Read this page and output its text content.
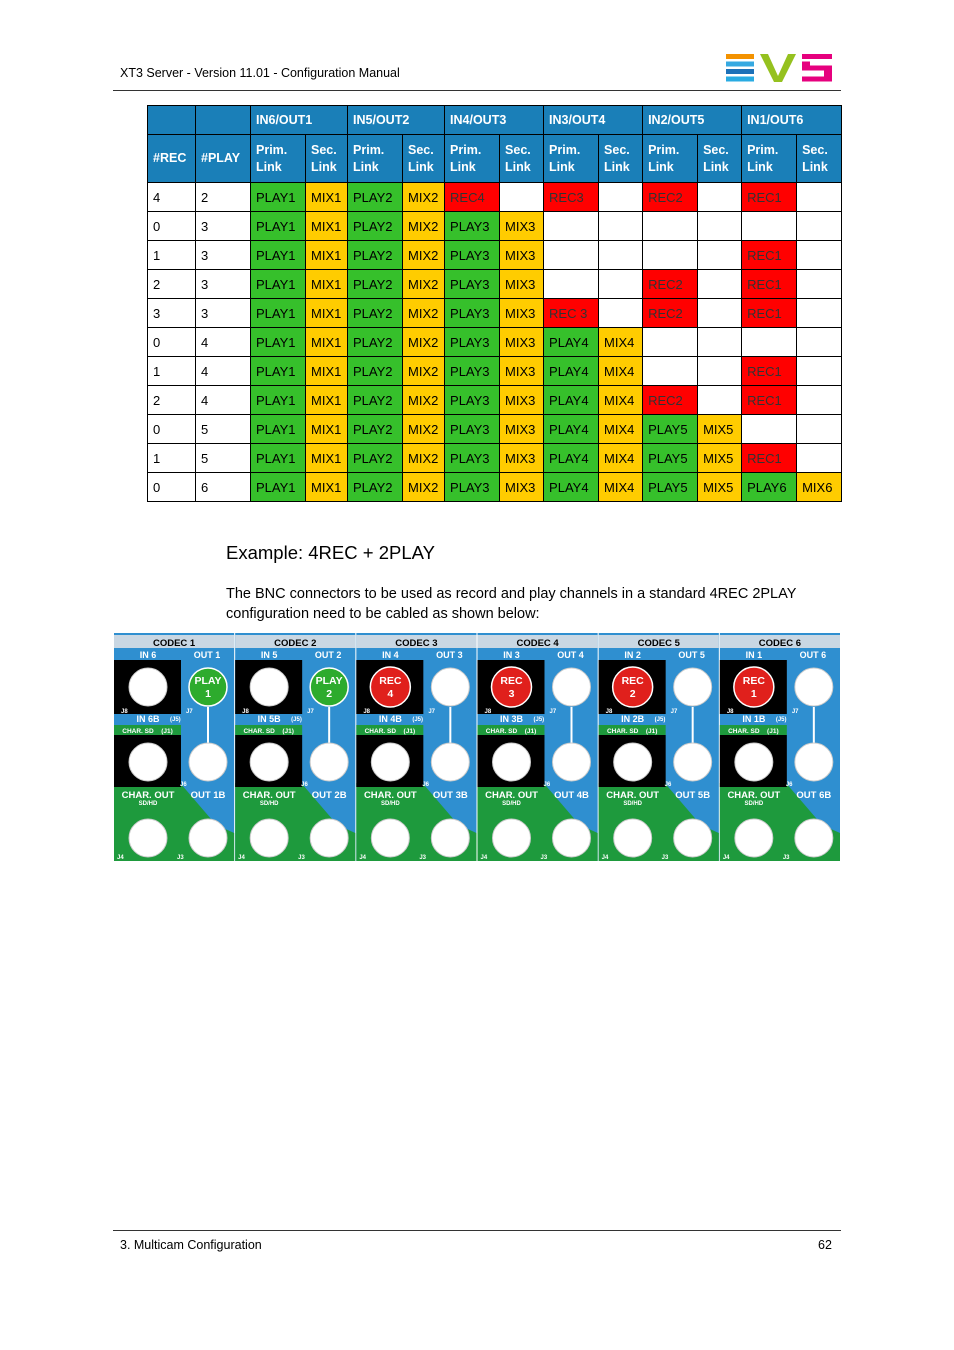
XT3 Server - Version 11.01 - Configuration Manual
		IN6/OUT1		IN5/OUT2		IN4/OUT3		IN3/OUT4		IN2/OUT5		IN1/OUT6	
#REC	#PLAY	Prim. Link	Sec. Link	Prim. Link	Sec. Link	Prim. Link	Sec. Link	Prim. Link	Sec. Link	Prim. Link	Sec. Link	Prim. Link	Sec. Link
4	2	PLAY1	MIX1	PLAY2	MIX2	REC4		REC3		REC2		REC1	
0	3	PLAY1	MIX1	PLAY2	MIX2	PLAY3	MIX3						
1	3	PLAY1	MIX1	PLAY2	MIX2	PLAY3	MIX3					REC1	
2	3	PLAY1	MIX1	PLAY2	MIX2	PLAY3	MIX3			REC2		REC1	
3	3	PLAY1	MIX1	PLAY2	MIX2	PLAY3	MIX3	REC 3		REC2		REC1	
0	4	PLAY1	MIX1	PLAY2	MIX2	PLAY3	MIX3	PLAY4	MIX4				
1	4	PLAY1	MIX1	PLAY2	MIX2	PLAY3	MIX3	PLAY4	MIX4			REC1	
2	4	PLAY1	MIX1	PLAY2	MIX2	PLAY3	MIX3	PLAY4	MIX4	REC2		REC1	
0	5	PLAY1	MIX1	PLAY2	MIX2	PLAY3	MIX3	PLAY4	MIX4	PLAY5	MIX5		
1	5	PLAY1	MIX1	PLAY2	MIX2	PLAY3	MIX3	PLAY4	MIX4	PLAY5	MIX5	REC1	
0	6	PLAY1	MIX1	PLAY2	MIX2	PLAY3	MIX3	PLAY4	MIX4	PLAY5	MIX5	PLAY6	MIX6
Example: 4REC + 2PLAY
The BNC connectors to be used as record and play channels in a standard 4REC 2PLAY configuration need to be cabled as shown below:
CODEC 1
IN 6	OUT 1
J8	J7
PLAY
1
IN 6B (J5)
CHAR. SD (J1)
J6
CHAR. OUT
SD/HD
OUT 1B
J4	J3
CODEC 2
IN 5	OUT 2
J8	J7
PLAY
2
IN 5B (J5)
CHAR. SD (J1)
J6
CHAR. OUT
SD/HD
OUT 2B
J4	J3
CODEC 3
IN 4	OUT 3
J8	J7
REC
4
IN 4B (J5)
CHAR. SD (J1)
J6
CHAR. OUT
SD/HD
OUT 3B
J4	J3
CODEC 4
IN 3	OUT 4
J8	J7
REC
3
IN 3B (J5)
CHAR. SD (J1)
J6
CHAR. OUT
SD/HD
OUT 4B
J4	J3
CODEC 5
IN 2	OUT 5
J8	J7
REC
2
IN 2B (J5)
CHAR. SD (J1)
J6
CHAR. OUT
SD/HD
OUT 5B
J4	J3
CODEC 6
IN 1	OUT 6
J8	J7
REC
1
IN 1B (J5)
CHAR. SD (J1)
J6
CHAR. OUT
SD/HD
OUT 6B
J4	J3
3. Multicam Configuration	62
